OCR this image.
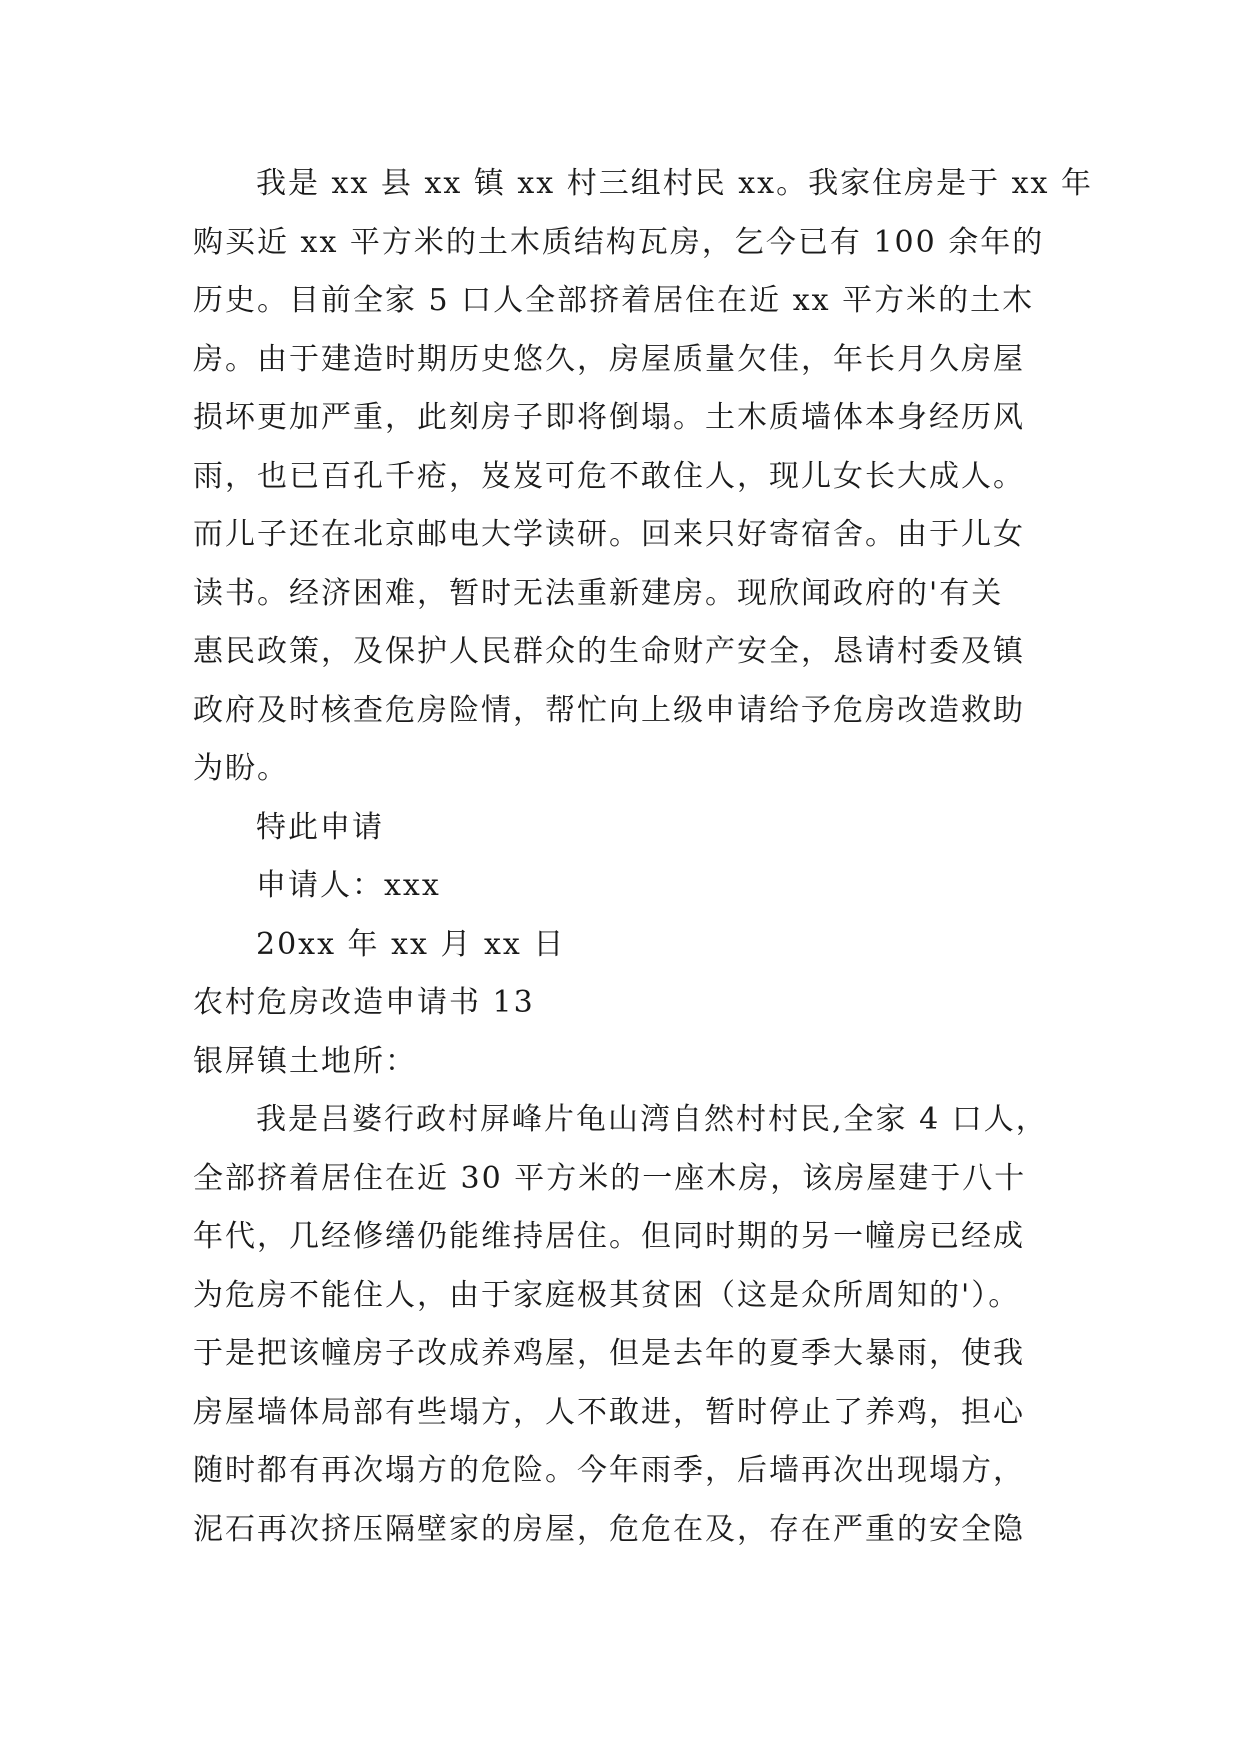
我是 xx 县 xx 镇 xx 村三组村民 xx。我家住房是于 xx 年
购买近 xx 平方米的土木质结构瓦房，乞今已有 100 余年的
历史。目前全家 5 口人全部挤着居住在近 xx 平方米的土木
房。由于建造时期历史悠久，房屋质量欠佳，年长月久房屋
损坏更加严重，此刻房子即将倒塌。土木质墙体本身经历风
雨，也已百孔千疮，岌岌可危不敢住人，现儿女长大成人。
而儿子还在北京邮电大学读研。回来只好寄宿舍。由于儿女
读书。经济困难，暂时无法重新建房。现欣闻政府的'有关
惠民政策，及保护人民群众的生命财产安全，恳请村委及镇
政府及时核查危房险情，帮忙向上级申请给予危房改造救助
为盼。
特此申请
申请人：xxx
20xx 年 xx 月 xx 日
农村危房改造申请书 13
银屏镇土地所：
我是吕婆行政村屏峰片龟山湾自然村村民,全家 4 口人，
全部挤着居住在近 30 平方米的一座木房，该房屋建于八十
年代，几经修缮仍能维持居住。但同时期的另一幢房已经成
为危房不能住人，由于家庭极其贫困（这是众所周知的'）。
于是把该幢房子改成养鸡屋，但是去年的夏季大暴雨，使我
房屋墙体局部有些塌方，人不敢进，暂时停止了养鸡，担心
随时都有再次塌方的危险。今年雨季，后墙再次出现塌方，
泥石再次挤压隔壁家的房屋，危危在及，存在严重的安全隐
